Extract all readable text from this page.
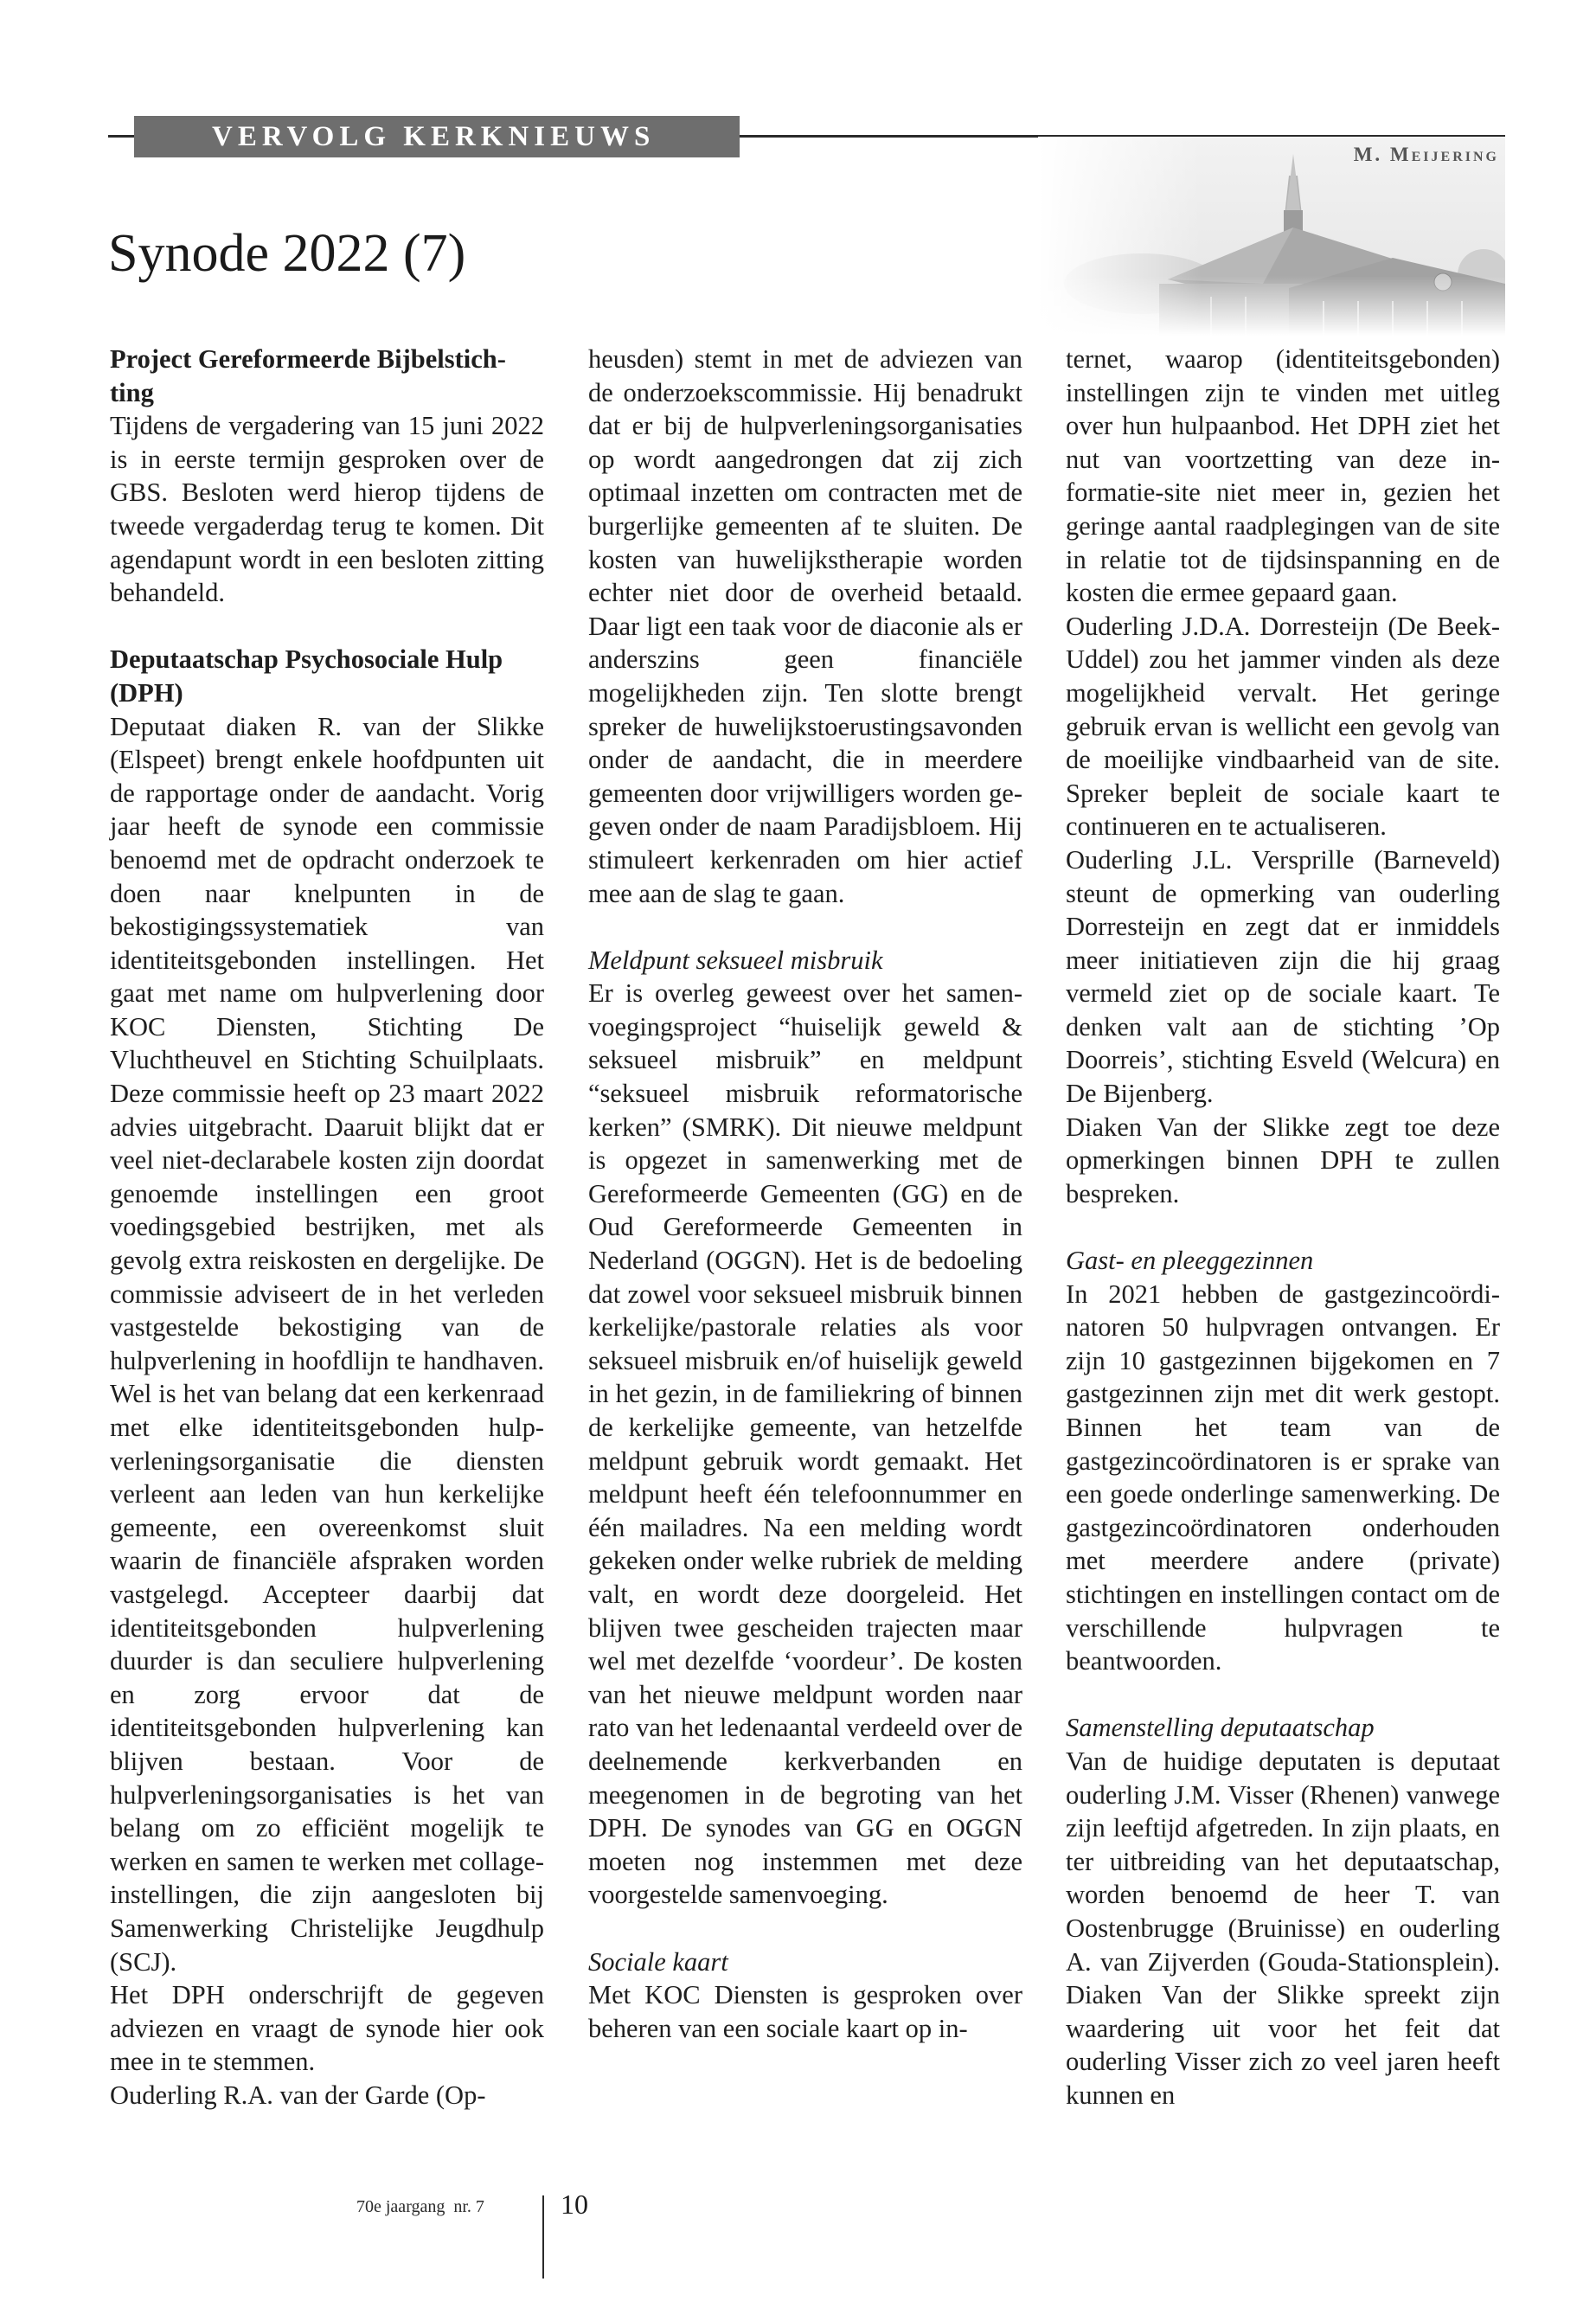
VERVOLG KERKNIEUWS
M. Meijering
Synode 2022 (7)

Project Gereformeerde Bijbelstich-ting

Tijdens de vergadering van 15 juni 2022 is in eerste termijn gesproken over de GBS. Besloten werd hierop tijdens de tweede vergaderdag terug te komen. Dit agendapunt wordt in een besloten zitting behandeld.

Deputaatschap Psychosociale Hulp (DPH)

Deputaat diaken R. van der Slikke (Elspeet) brengt enkele hoofdpunten uit de rapportage onder de aandacht. Vorig jaar heeft de synode een commissie benoemd met de opdracht onderzoek te doen naar knelpunten in de bekostigingssystematiek van identiteitsgebonden instellingen. Het gaat met name om hulpverlening door KOC Diensten, Stichting De Vluchtheuvel en Stichting Schuilplaats. Deze commissie heeft op 23 maart 2022 advies uitgebracht. Daaruit blijkt dat er veel niet-declarabele kosten zijn doordat genoemde instellingen een groot voedingsgebied bestrijken, met als gevolg extra reiskosten en dergelijke. De commissie adviseert de in het verleden vastgestelde bekostiging van de hulpverlening in hoofdlijn te handhaven. Wel is het van belang dat een kerkenraad met elke identiteitsgebonden hulpverleningsorganisatie die diensten verleent aan leden van hun kerkelijke gemeente, een overeenkomst sluit waarin de financiële afspraken worden vastgelegd. Accepteer daarbij dat identiteitsgebonden hulpverlening duurder is dan seculiere hulpverlening en zorg ervoor dat de identiteitsgebonden hulpverlening kan blijven bestaan. Voor de hulpverleningsorganisaties is het van belang om zo efficiënt mogelijk te werken en samen te werken met collage-instellingen, die zijn aangesloten bij Samenwerking Christelijke Jeugdhulp (SCJ).

Het DPH onderschrijft de gegeven adviezen en vraagt de synode hier ook mee in te stemmen.

Ouderling R.A. van der Garde (Op-

heusden) stemt in met de adviezen van de onderzoekscommissie. Hij benadrukt dat er bij de hulpverleningsorganisaties op wordt aangedrongen dat zij zich optimaal inzetten om contracten met de burgerlijke gemeenten af te sluiten. De kosten van huwelijkstherapie worden echter niet door de overheid betaald. Daar ligt een taak voor de diaconie als er anderszins geen financiële mogelijkheden zijn. Ten slotte brengt spreker de huwelijkstoerustingsavonden onder de aandacht, die in meerdere gemeenten door vrijwilligers worden gegeven onder de naam Paradijsbloem. Hij stimuleert kerkenraden om hier actief mee aan de slag te gaan.

Meldpunt seksueel misbruik

Er is overleg geweest over het samenvoegingsproject “huiselijk geweld & seksueel misbruik” en meldpunt “seksueel misbruik reformatorische kerken” (SMRK). Dit nieuwe meldpunt is opgezet in samenwerking met de Gereformeerde Gemeenten (GG) en de Oud Gereformeerde Gemeenten in Nederland (OGGN). Het is de bedoeling dat zowel voor seksueel misbruik binnen kerkelijke/pastorale relaties als voor seksueel misbruik en/of huiselijk geweld in het gezin, in de familiekring of binnen de kerkelijke gemeente, van hetzelfde meldpunt gebruik wordt gemaakt. Het meldpunt heeft één telefoonnummer en één mailadres. Na een melding wordt gekeken onder welke rubriek de melding valt, en wordt deze doorgeleid. Het blijven twee gescheiden trajecten maar wel met dezelfde ‘voordeur’. De kosten van het nieuwe meldpunt worden naar rato van het ledenaantal verdeeld over de deelnemende kerkverbanden en meegenomen in de begroting van het DPH. De synodes van GG en OGGN moeten nog instemmen met deze voorgestelde samenvoeging.

Sociale kaart

Met KOC Diensten is gesproken over beheren van een sociale kaart op in-

ternet, waarop (identiteitsgebonden) instellingen zijn te vinden met uitleg over hun hulpaanbod. Het DPH ziet het nut van voortzetting van deze informatie-site niet meer in, gezien het geringe aantal raadplegingen van de site in relatie tot de tijdsinspanning en de kosten die ermee gepaard gaan.

Ouderling J.D.A. Dorresteijn (De Beek-Uddel) zou het jammer vinden als deze mogelijkheid vervalt. Het geringe gebruik ervan is wellicht een gevolg van de moeilijke vindbaarheid van de site. Spreker bepleit de sociale kaart te continueren en te actualiseren.

Ouderling J.L. Versprille (Barneveld) steunt de opmerking van ouderling Dorresteijn en zegt dat er inmiddels meer initiatieven zijn die hij graag vermeld ziet op de sociale kaart. Te denken valt aan de stichting ’Op Doorreis’, stichting Esveld (Welcura) en De Bijenberg.

Diaken Van der Slikke zegt toe deze opmerkingen binnen DPH te zullen bespreken.

Gast- en pleeggezinnen

In 2021 hebben de gastgezincoördinatoren 50 hulpvragen ontvangen. Er zijn 10 gastgezinnen bijgekomen en 7 gastgezinnen zijn met dit werk gestopt. Binnen het team van de gastgezincoördinatoren is er sprake van een goede onderlinge samenwerking. De gastgezincoördinatoren onderhouden met meerdere andere (private) stichtingen en instellingen contact om de verschillende hulpvragen te beantwoorden.

Samenstelling deputaatschap

Van de huidige deputaten is deputaat ouderling J.M. Visser (Rhenen) vanwege zijn leeftijd afgetreden. In zijn plaats, en ter uitbreiding van het deputaatschap, worden benoemd de heer T. van Oostenbrugge (Bruinisse) en ouderling A. van Zijverden (Gouda-Stationsplein). Diaken Van der Slikke spreekt zijn waardering uit voor het feit dat ouderling Visser zich zo veel jaren heeft kunnen en

70e jaargang  nr. 7	10
